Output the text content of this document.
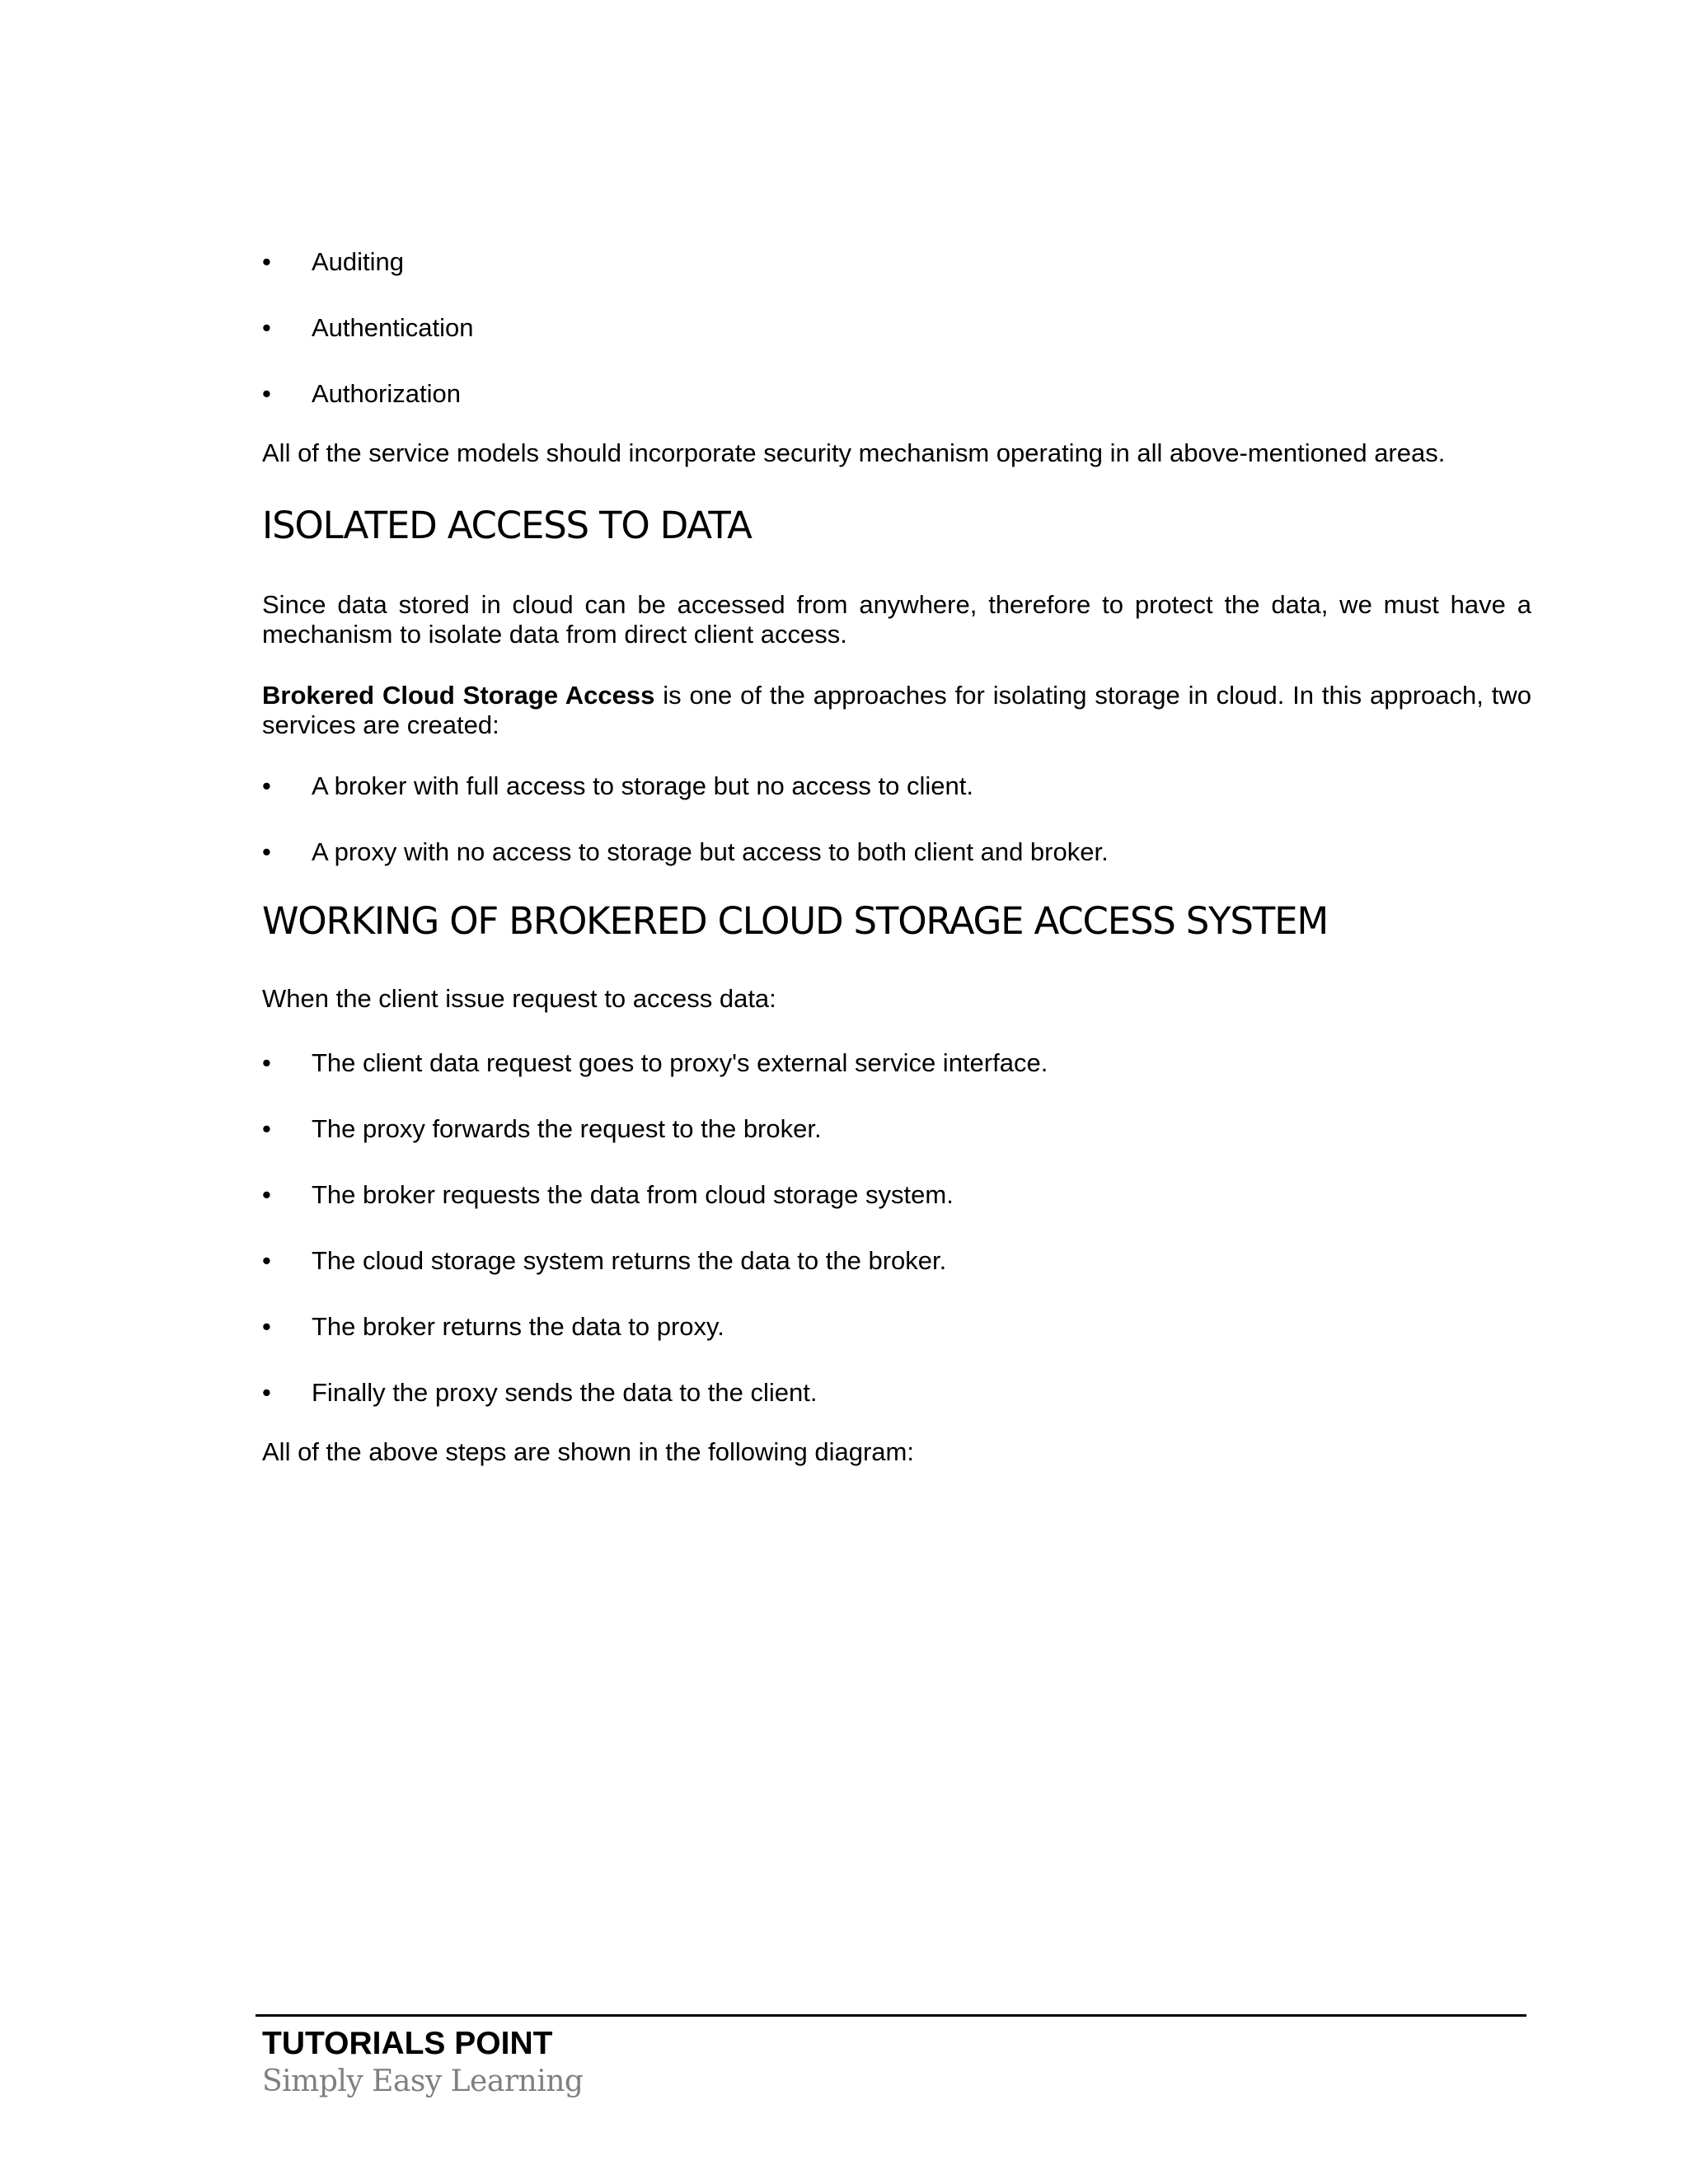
• Auditing
• Authentication
• Authorization

All of the service models should incorporate security mechanism operating in all above-mentioned areas.

ISOLATED ACCESS TO DATA

Since data stored in cloud can be accessed from anywhere, therefore to protect the data, we must have a mechanism to isolate data from direct client access.

Brokered Cloud Storage Access is one of the approaches for isolating storage in cloud. In this approach, two services are created:

• A broker with full access to storage but no access to client.
• A proxy with no access to storage but access to both client and broker.
WORKING OF BROKERED CLOUD STORAGE ACCESS SYSTEM

When the client issue request to access data:

• The client data request goes to proxy's external service interface.
• The proxy forwards the request to the broker.
• The broker requests the data from cloud storage system.
• The cloud storage system returns the data to the broker.
• The broker returns the data to proxy.
• Finally the proxy sends the data to the client.

All of the above steps are shown in the following diagram:

TUTORIALS POINT
Simply Easy Learning
